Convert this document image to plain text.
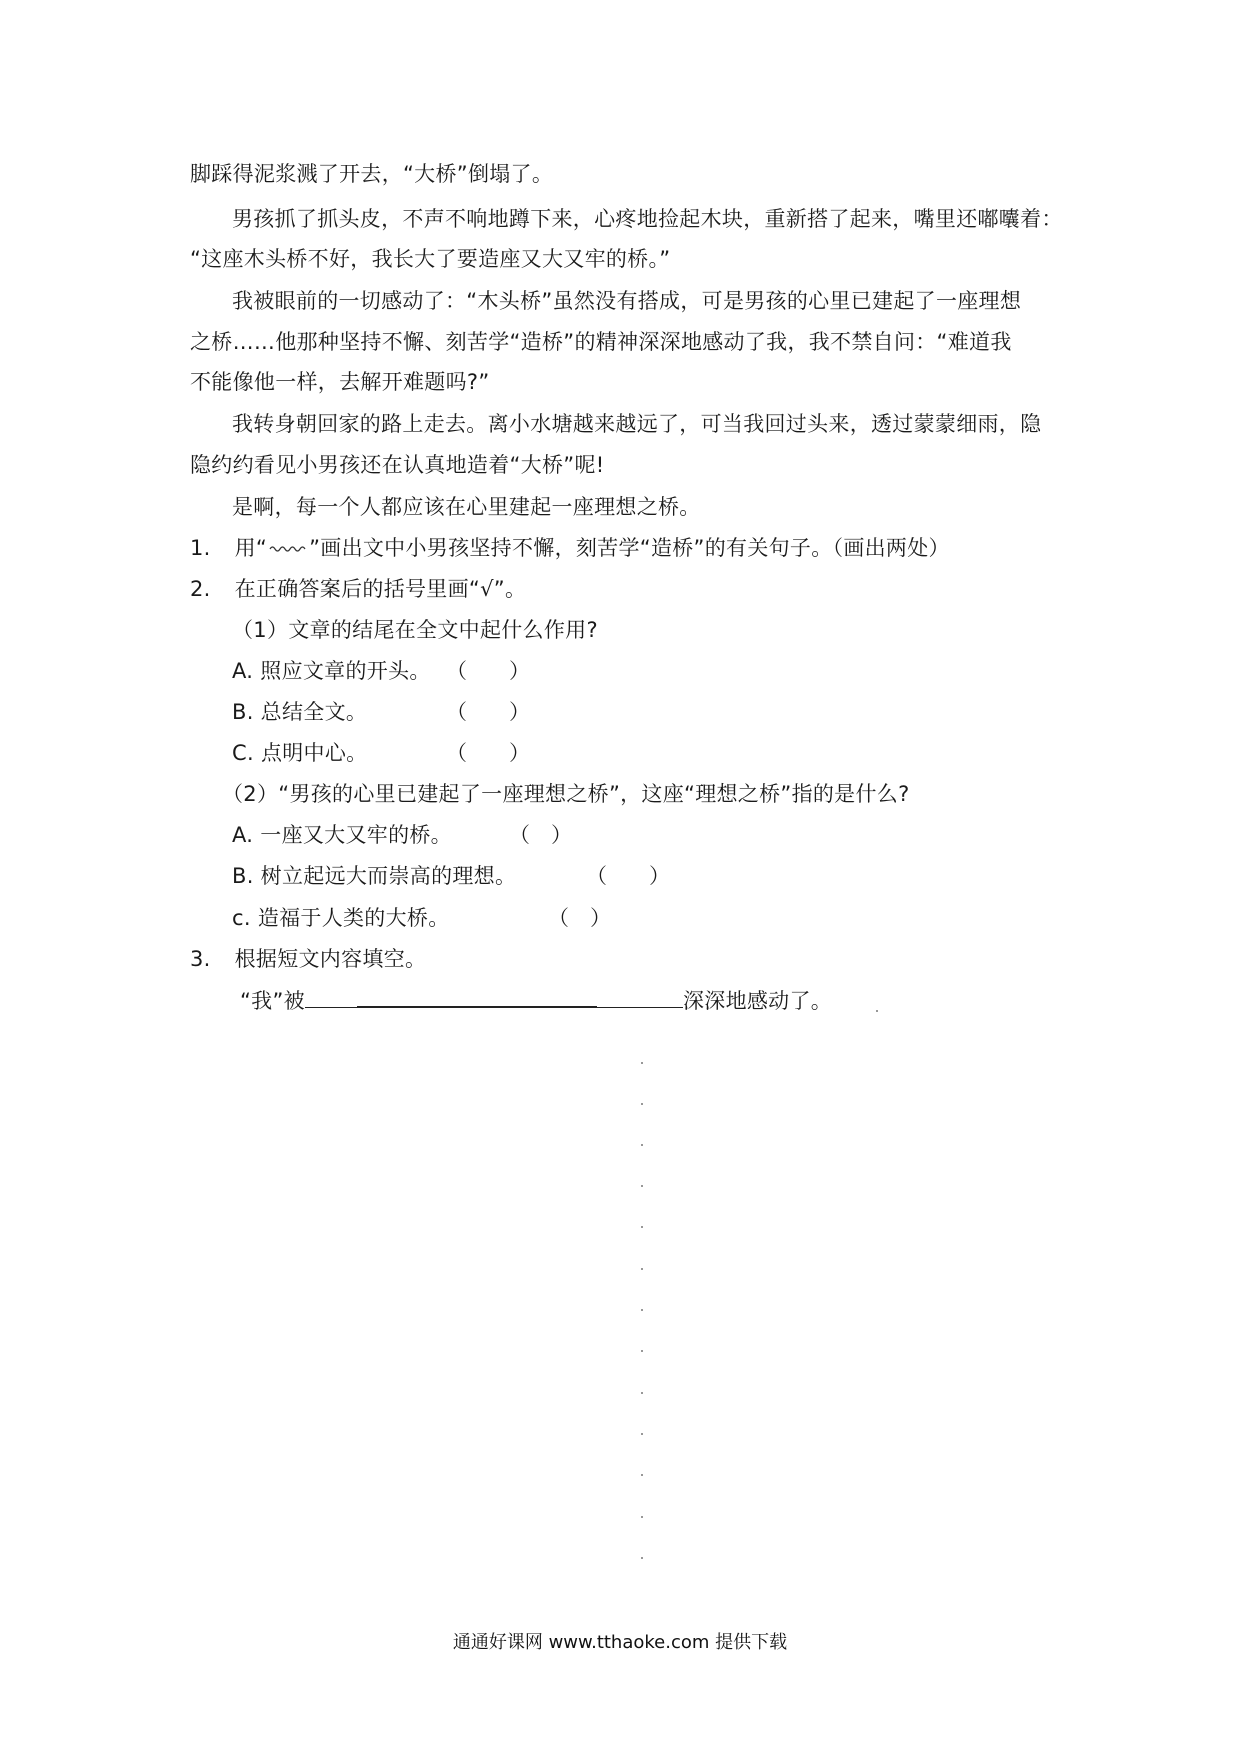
脚踩得泥浆溅了开去，“大桥”倒塌了。
男孩抓了抓头皮，不声不响地蹲下来，心疼地捡起木块，重新搭了起来，嘴里还嘟囔着：
“这座木头桥不好，我长大了要造座又大又牢的桥。”
我被眼前的一切感动了：“木头桥”虽然没有搭成，可是男孩的心里已建起了一座理想
之桥……他那种坚持不懈、刻苦学“造桥”的精神深深地感动了我，我不禁自问：“难道我
不能像他一样，去解开难题吗?”
我转身朝回家的路上走去。离小水塘越来越远了，可当我回过头来，透过蒙蒙细雨，隐
隐约约看见小男孩还在认真地造着“大桥”呢!
是啊，每一个人都应该在心里建起一座理想之桥。
1. 用“ ”画出文中小男孩坚持不懈，刻苦学“造桥”的有关句子。（画出两处）
2. 在正确答案后的括号里画“√”。
（1）文章的结尾在全文中起什么作用?
A. 照应文章的开头。 （　　）
B. 总结全文。	（　　）
C. 点明中心。	（　　）
（2）“男孩的心里已建起了一座理想之桥”，这座“理想之桥”指的是什么?
A. 一座又大又牢的桥。	（　）
B. 树立起远大而崇高的理想。	（　　）
c. 造福于人类的大桥。	（　）
3. 根据短文内容填空。
“我”被	深深地感动了。
通通好课网 www.tthaoke.com 提供下载
